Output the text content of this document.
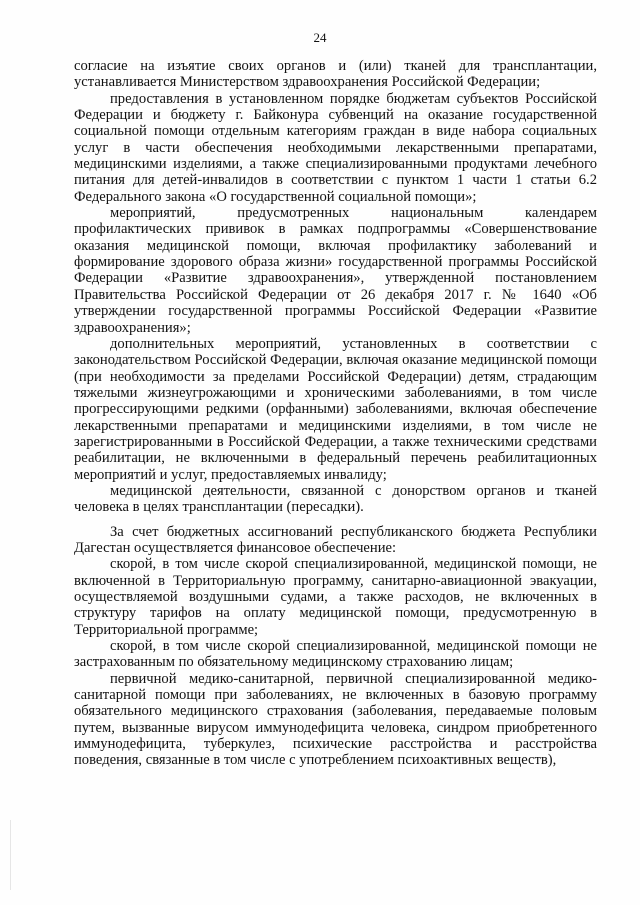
24

согласие на изъятие своих органов и (или) тканей для трансплантации, устанавливается Министерством здравоохранения Российской Федерации;

предоставления в установленном порядке бюджетам субъектов Российской Федерации и бюджету г. Байконура субвенций на оказание государственной социальной помощи отдельным категориям граждан в виде набора социальных услуг в части обеспечения необходимыми лекарственными препаратами, медицинскими изделиями, а также специализированными продуктами лечебного питания для детей-инвалидов в соответствии с пунктом 1 части 1 статьи 6.2 Федерального закона «О государственной социальной помощи»;

мероприятий, предусмотренных национальным календарем профилактических прививок в рамках подпрограммы «Совершенствование оказания медицинской помощи, включая профилактику заболеваний и формирование здорового образа жизни» государственной программы Российской Федерации «Развитие здравоохранения», утвержденной постановлением Правительства Российской Федерации от 26 декабря 2017 г. № 1640 «Об утверждении государственной программы Российской Федерации «Развитие здравоохранения»;

дополнительных мероприятий, установленных в соответствии с законодательством Российской Федерации, включая оказание медицинской помощи (при необходимости за пределами Российской Федерации) детям, страдающим тяжелыми жизнеугрожающими и хроническими заболеваниями, в том числе прогрессирующими редкими (орфанными) заболеваниями, включая обеспечение лекарственными препаратами и медицинскими изделиями, в том числе не зарегистрированными в Российской Федерации, а также техническими средствами реабилитации, не включенными в федеральный перечень реабилитационных мероприятий и услуг, предоставляемых инвалиду;

медицинской деятельности, связанной с донорством органов и тканей человека в целях трансплантации (пересадки).

За счет бюджетных ассигнований республиканского бюджета Республики Дагестан осуществляется финансовое обеспечение:

скорой, в том числе скорой специализированной, медицинской помощи, не включенной в Территориальную программу, санитарно-авиационной эвакуации, осуществляемой воздушными судами, а также расходов, не включенных в структуру тарифов на оплату медицинской помощи, предусмотренную в Территориальной программе;

скорой, в том числе скорой специализированной, медицинской помощи не застрахованным по обязательному медицинскому страхованию лицам;

первичной медико-санитарной, первичной специализированной медико-санитарной помощи при заболеваниях, не включенных в базовую программу обязательного медицинского страхования (заболевания, передаваемые половым путем, вызванные вирусом иммунодефицита человека, синдром приобретенного иммунодефицита, туберкулез, психические расстройства и расстройства поведения, связанные в том числе с употреблением психоактивных веществ),
